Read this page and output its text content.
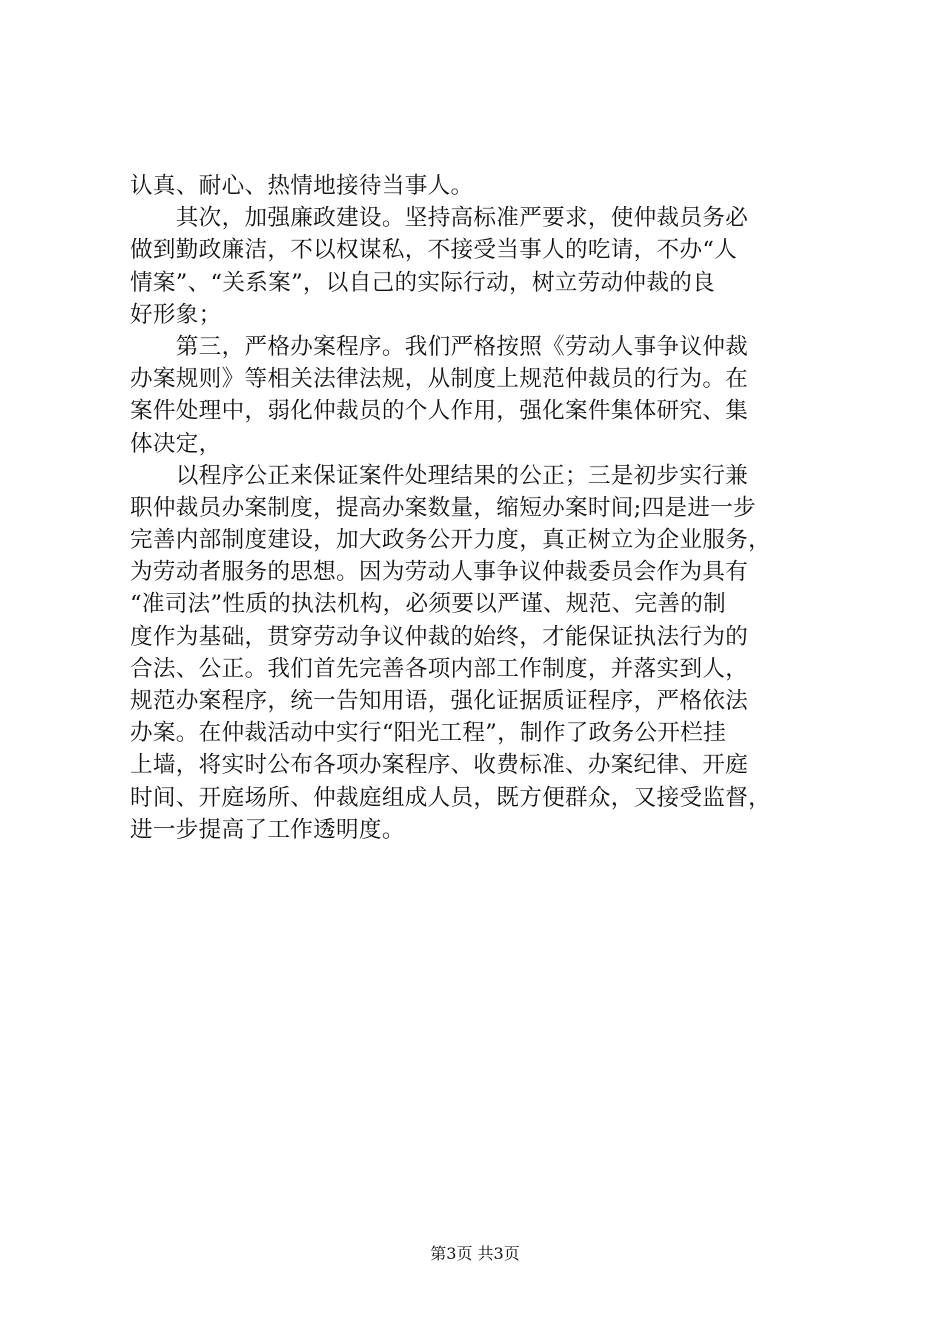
认真、耐心、热情地接待当事人。
　　其次，加强廉政建设。坚持高标准严要求，使仲裁员务必
做到勤政廉洁，不以权谋私，不接受当事人的吃请，不办“人
情案”、“关系案”，以自己的实际行动，树立劳动仲裁的良
好形象；
　　第三，严格办案程序。我们严格按照《劳动人事争议仲裁
办案规则》等相关法律法规，从制度上规范仲裁员的行为。在
案件处理中，弱化仲裁员的个人作用，强化案件集体研究、集
体决定，
　　以程序公正来保证案件处理结果的公正；三是初步实行兼
职仲裁员办案制度，提高办案数量，缩短办案时间;四是进一步
完善内部制度建设，加大政务公开力度，真正树立为企业服务，
为劳动者服务的思想。因为劳动人事争议仲裁委员会作为具有
“准司法”性质的执法机构，必须要以严谨、规范、完善的制
度作为基础，贯穿劳动争议仲裁的始终，才能保证执法行为的
合法、公正。我们首先完善各项内部工作制度，并落实到人，
规范办案程序，统一告知用语，强化证据质证程序，严格依法
办案。在仲裁活动中实行“阳光工程”，制作了政务公开栏挂
上墙，将实时公布各项办案程序、收费标准、办案纪律、开庭
时间、开庭场所、仲裁庭组成人员，既方便群众，又接受监督，
进一步提高了工作透明度。
第3页 共3页
